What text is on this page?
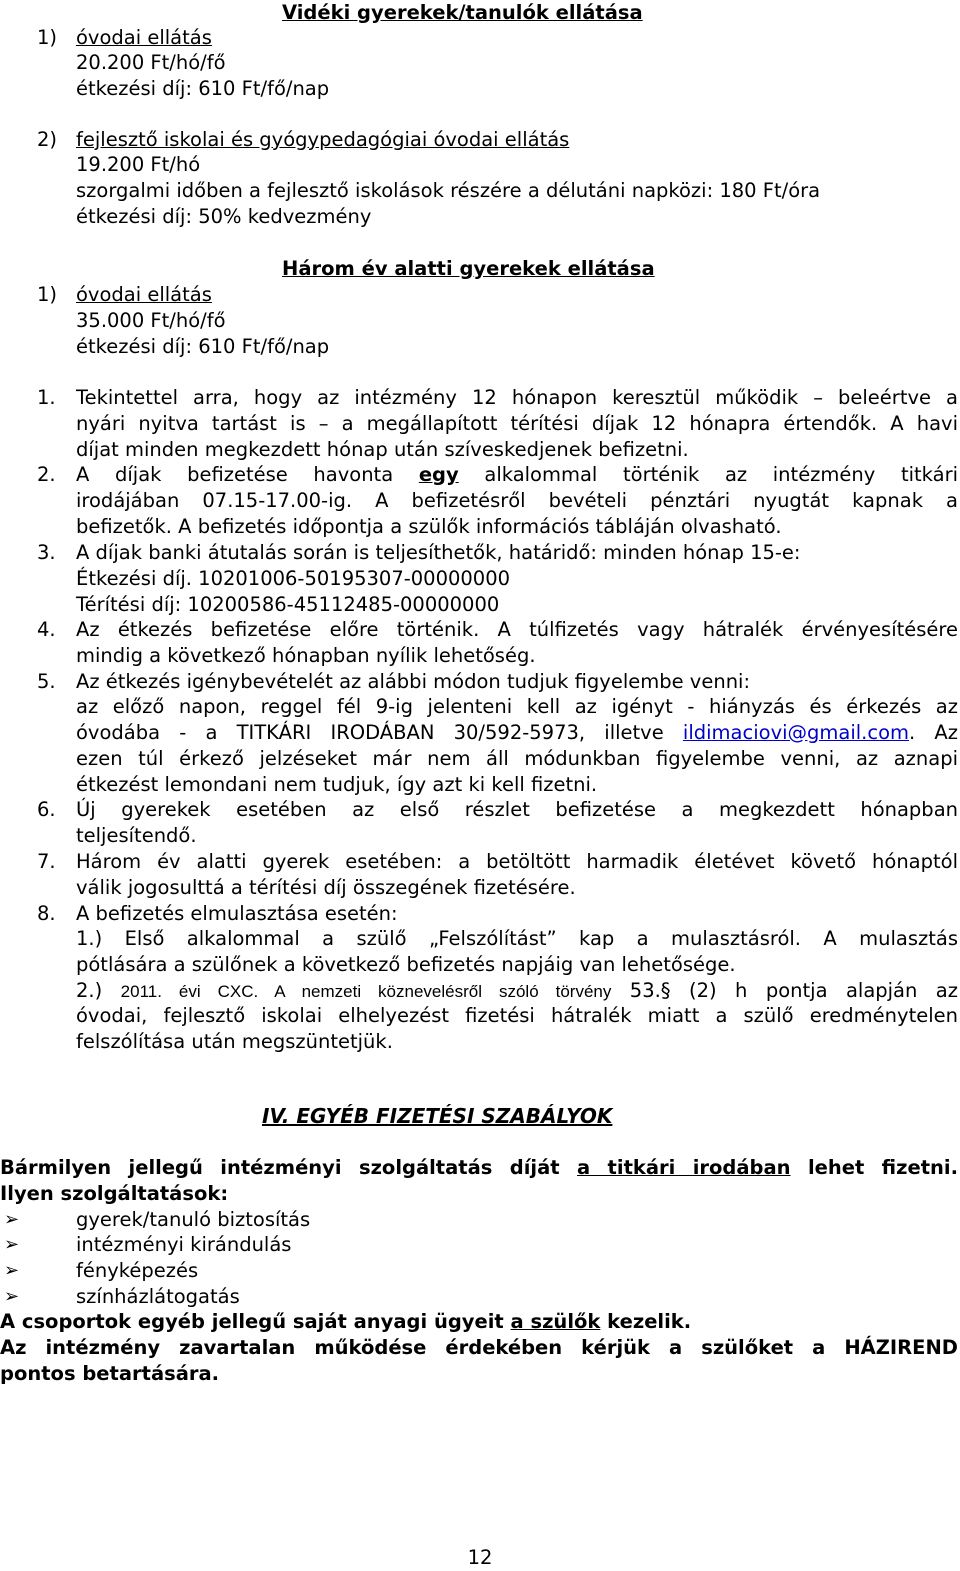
Vidéki gyerekek/tanulók ellátása
1) óvodai ellátás
20.200 Ft/hó/fő
étkezési díj: 610 Ft/fő/nap
2) fejlesztő iskolai és gyógypedagógiai óvodai ellátás
19.200 Ft/hó
szorgalmi időben a fejlesztő iskolások részére a délutáni napközi: 180 Ft/óra
étkezési díj: 50% kedvezmény
Három év alatti gyerekek ellátása
1) óvodai ellátás
35.000 Ft/hó/fő
étkezési díj: 610 Ft/fő/nap
1. Tekintettel arra, hogy az intézmény 12 hónapon keresztül működik – beleértve a
nyári nyitva tartást is – a megállapított térítési díjak 12 hónapra értendők. A havi
díjat minden megkezdett hónap után szíveskedjenek befizetni.
2. A díjak befizetése havonta egy alkalommal történik az intézmény titkári
irodájában 07.15-17.00-ig. A befizetésről bevételi pénztári nyugtát kapnak a
befizetők. A befizetés időpontja a szülők információs tábláján olvasható.
3. A díjak banki átutalás során is teljesíthetők, határidő: minden hónap 15-e:
Étkezési díj. 10201006-50195307-00000000
Térítési díj: 10200586-45112485-00000000
4. Az étkezés befizetése előre történik. A túlfizetés vagy hátralék érvényesítésére
mindig a következő hónapban nyílik lehetőség.
5. Az étkezés igénybevételét az alábbi módon tudjuk figyelembe venni:
az előző napon, reggel fél 9-ig jelenteni kell az igényt - hiányzás és érkezés az
óvodába - a TITKÁRI IRODÁBAN 30/592-5973, illetve ildimaciovi@gmail.com. Az
ezen túl érkező jelzéseket már nem áll módunkban figyelembe venni, az aznapi
étkezést lemondani nem tudjuk, így azt ki kell fizetni.
6. Új gyerekek esetében az első részlet befizetése a megkezdett hónapban
teljesítendő.
7. Három év alatti gyerek esetében: a betöltött harmadik életévet követő hónaptól
válik jogosulttá a térítési díj összegének fizetésére.
8. A befizetés elmulasztása esetén:
1.) Első alkalommal a szülő „Felszólítást” kap a mulasztásról. A mulasztás
pótlására a szülőnek a következő befizetés napjáig van lehetősége.
2.) 2011. évi CXC. A nemzeti köznevelésről szóló törvény 53.§ (2) h pontja alapján az
óvodai, fejlesztő iskolai elhelyezést fizetési hátralék miatt a szülő eredménytelen
felszólítása után megszüntetjük.
IV. EGYÉB FIZETÉSI SZABÁLYOK
Bármilyen jellegű intézményi szolgáltatás díját a titkári irodában lehet fizetni.
Ilyen szolgáltatások:
➢	gyerek/tanuló biztosítás
➢	intézményi kirándulás
➢	fényképezés
➢	színházlátogatás
A csoportok egyéb jellegű saját anyagi ügyeit a szülők kezelik.
Az intézmény zavartalan működése érdekében kérjük a szülőket a HÁZIREND
pontos betartására.
12
